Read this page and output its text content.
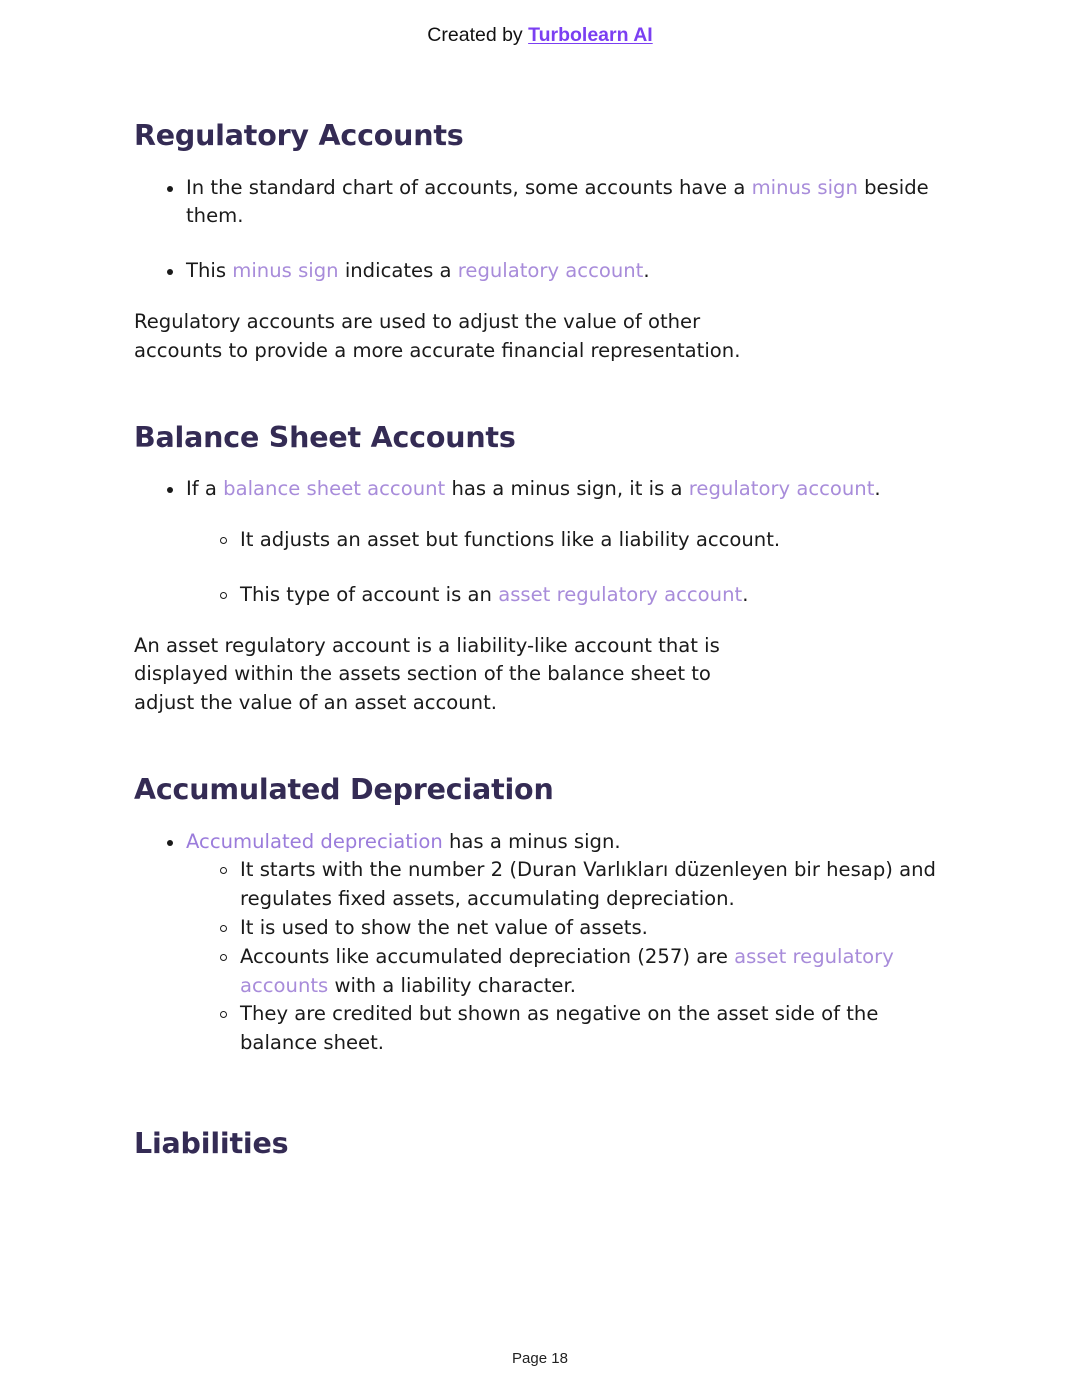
Created by Turbolearn AI
Regulatory Accounts
In the standard chart of accounts, some accounts have a minus sign beside them.
This minus sign indicates a regulatory account.
Regulatory accounts are used to adjust the value of other accounts to provide a more accurate financial representation.
Balance Sheet Accounts
If a balance sheet account has a minus sign, it is a regulatory account.
It adjusts an asset but functions like a liability account.
This type of account is an asset regulatory account.
An asset regulatory account is a liability-like account that is displayed within the assets section of the balance sheet to adjust the value of an asset account.
Accumulated Depreciation
Accumulated depreciation has a minus sign.
It starts with the number 2 (Duran Varlıkları düzenleyen bir hesap) and regulates fixed assets, accumulating depreciation.
It is used to show the net value of assets.
Accounts like accumulated depreciation (257) are asset regulatory accounts with a liability character.
They are credited but shown as negative on the asset side of the balance sheet.
Liabilities
Page 18
